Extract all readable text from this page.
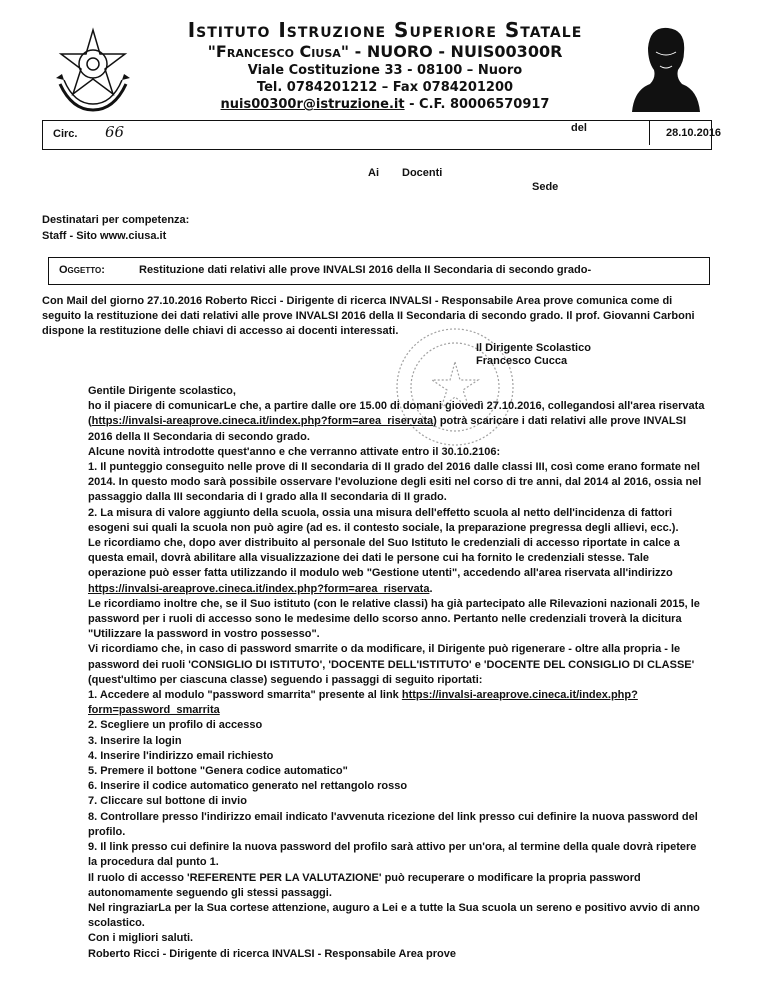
Istituto Istruzione Superiore Statale
"Francesco Ciusa" - NUORO - NUIS00300R
Viale Costituzione 33 - 08100 – Nuoro
Tel. 0784201212 – Fax 0784201200
nuis00300r@istruzione.it - C.F. 80006570917
Circ. 66	del	28.10.2016
Ai Docenti
Sede
Destinatari per competenza:
Staff - Sito www.ciusa.it
Oggetto:	Restituzione dati relativi alle prove INVALSI 2016 della II Secondaria di secondo grado-
Con Mail del giorno 27.10.2016 Roberto Ricci - Dirigente di ricerca INVALSI - Responsabile Area prove comunica come di seguito la restituzione dei dati relativi alle prove INVALSI 2016 della II Secondaria di secondo grado. Il prof. Giovanni Carboni dispone la restituzione delle chiavi di accesso ai docenti interessati.
Il Dirigente Scolastico
Francesco Cucca

Gentile Dirigente scolastico,

ho il piacere di comunicarLe che, a partire dalle ore 15.00 di domani giovedì 27.10.2016, collegandosi all'area riservata (https://invalsi-areaprove.cineca.it/index.php?form=area_riservata) potrà scaricare i dati relativi alle prove INVALSI 2016 della II Secondaria di secondo grado.

Alcune novità introdotte quest'anno e che verranno attivate entro il 30.10.2106:

1. Il punteggio conseguito nelle prove di II secondaria di II grado del 2016 dalle classi III, così come erano formate nel 2014. In questo modo sarà possibile osservare l'evoluzione degli esiti nel corso di tre anni, dal 2014 al 2016, ossia nel passaggio dalla III secondaria di I grado alla II secondaria di II grado.

2. La misura di valore aggiunto della scuola, ossia una misura dell'effetto scuola al netto dell'incidenza di fattori esogeni sui quali la scuola non può agire (ad es. il contesto sociale, la preparazione pregressa degli allievi, ecc.).

Le ricordiamo che, dopo aver distribuito al personale del Suo Istituto le credenziali di accesso riportate in calce a questa email, dovrà abilitare alla visualizzazione dei dati le persone cui ha fornito le credenziali stesse. Tale operazione può esser fatta utilizzando il modulo web "Gestione utenti", accedendo all'area riservata all'indirizzo https://invalsi-areaprove.cineca.it/index.php?form=area_riservata.

Le ricordiamo inoltre che, se il Suo istituto (con le relative classi) ha già partecipato alle Rilevazioni nazionali 2015, le password per i ruoli di accesso sono le medesime dello scorso anno. Pertanto nelle credenziali troverà la dicitura "Utilizzare la password in vostro possesso".

Vi ricordiamo che, in caso di password smarrite o da modificare, il Dirigente può rigenerare - oltre alla propria - le password dei ruoli 'CONSIGLIO DI ISTITUTO', 'DOCENTE DELL'ISTITUTO' e 'DOCENTE DEL CONSIGLIO DI CLASSE' (quest'ultimo per ciascuna classe) seguendo i passaggi di seguito riportati:

1. Accedere al modulo "password smarrita" presente al link https://invalsi-areaprove.cineca.it/index.php?form=password_smarrita

2. Scegliere un profilo di accesso

3. Inserire la login

4. Inserire l'indirizzo email richiesto

5. Premere il bottone "Genera codice automatico"

6. Inserire il codice automatico generato nel rettangolo rosso

7. Cliccare sul bottone di invio

8. Controllare presso l'indirizzo email indicato l'avvenuta ricezione del link presso cui definire la nuova password del profilo.

9. Il link presso cui definire la nuova password del profilo sarà attivo per un'ora, al termine della quale dovrà ripetere la procedura dal punto 1.

Il ruolo di accesso 'REFERENTE PER LA VALUTAZIONE' può recuperare o modificare la propria password autonomamente seguendo gli stessi passaggi.

Nel ringraziarLa per la Sua cortese attenzione, auguro a Lei e a tutte la Sua scuola un sereno e positivo avvio di anno scolastico.

Con i migliori saluti.

Roberto Ricci - Dirigente di ricerca INVALSI - Responsabile Area prove
